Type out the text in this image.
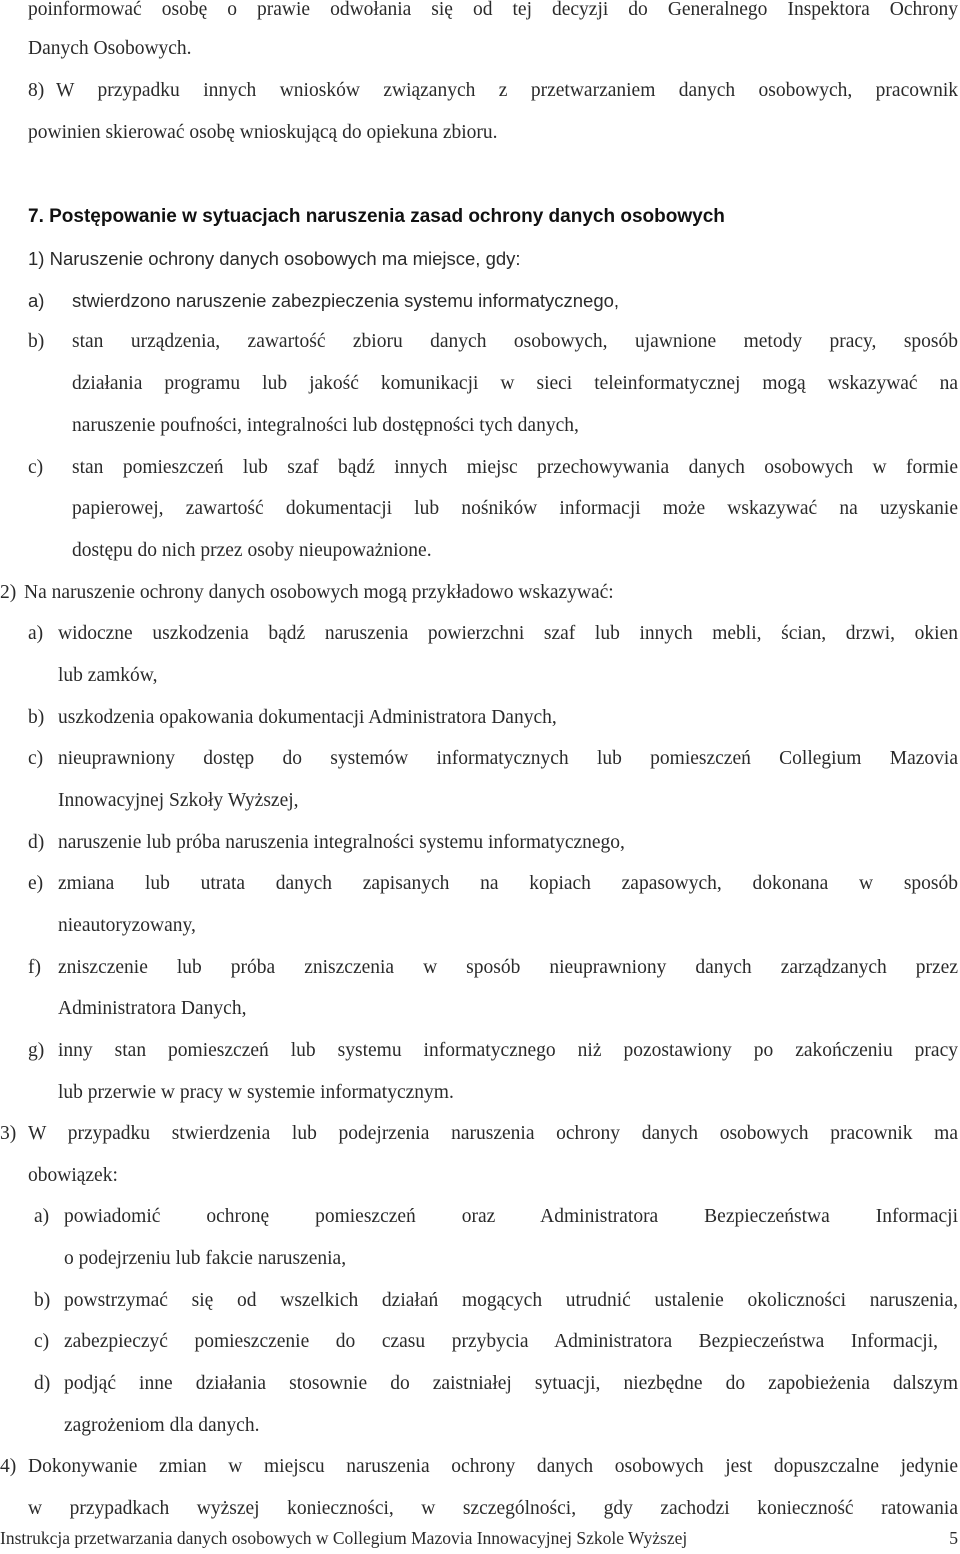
poinformować osobę o prawie odwołania się od tej decyzji do Generalnego Inspektora Ochrony
Danych Osobowych.
8) W przypadku innych wniosków związanych z przetwarzaniem danych osobowych, pracownik
powinien skierować osobę wnioskującą do opiekuna zbioru.
7. Postępowanie w sytuacjach naruszenia zasad ochrony danych osobowych
1) Naruszenie ochrony danych osobowych ma miejsce, gdy:
a) stwierdzono naruszenie zabezpieczenia systemu informatycznego,
b) stan urządzenia, zawartość zbioru danych osobowych, ujawnione metody pracy, sposób
działania programu lub jakość komunikacji w sieci teleinformatycznej mogą wskazywać na
naruszenie poufności, integralności lub dostępności tych danych,
c) stan pomieszczeń lub szaf bądź innych miejsc przechowywania danych osobowych w formie
papierowej, zawartość dokumentacji lub nośników informacji może wskazywać na uzyskanie
dostępu do nich przez osoby nieupoważnione.
2) Na naruszenie ochrony danych osobowych mogą przykładowo wskazywać:
a) widoczne uszkodzenia bądź naruszenia powierzchni szaf lub innych mebli, ścian, drzwi, okien
lub zamków,
b) uszkodzenia opakowania dokumentacji Administratora Danych,
c) nieuprawniony dostęp do systemów informatycznych lub pomieszczeń Collegium Mazovia
Innowacyjnej Szkoły Wyższej,
d) naruszenie lub próba naruszenia integralności systemu informatycznego,
e) zmiana lub utrata danych zapisanych na kopiach zapasowych, dokonana w sposób
nieautoryzowany,
f) zniszczenie lub próba zniszczenia w sposób nieuprawniony danych zarządzanych przez
Administratora Danych,
g) inny stan pomieszczeń lub systemu informatycznego niż pozostawiony po zakończeniu pracy
lub przerwie w pracy w systemie informatycznym.
3) W przypadku stwierdzenia lub podejrzenia naruszenia ochrony danych osobowych pracownik ma
obowiązek:
a) powiadomić ochronę pomieszczeń oraz Administratora Bezpieczeństwa Informacji
o podejrzeniu lub fakcie naruszenia,
b) powstrzymać się od wszelkich działań mogących utrudnić ustalenie okoliczności naruszenia,
c) zabezpieczyć pomieszczenie do czasu przybycia Administratora Bezpieczeństwa Informacji,
d) podjąć inne działania stosownie do zaistniałej sytuacji, niezbędne do zapobieżenia dalszym
zagrożeniom dla danych.
4) Dokonywanie zmian w miejscu naruszenia ochrony danych osobowych jest dopuszczalne jedynie
w przypadkach wyższej konieczności, w szczególności, gdy zachodzi konieczność ratowania
Instrukcja przetwarzania danych osobowych w Collegium Mazovia Innowacyjnej Szkole Wyższej	5
